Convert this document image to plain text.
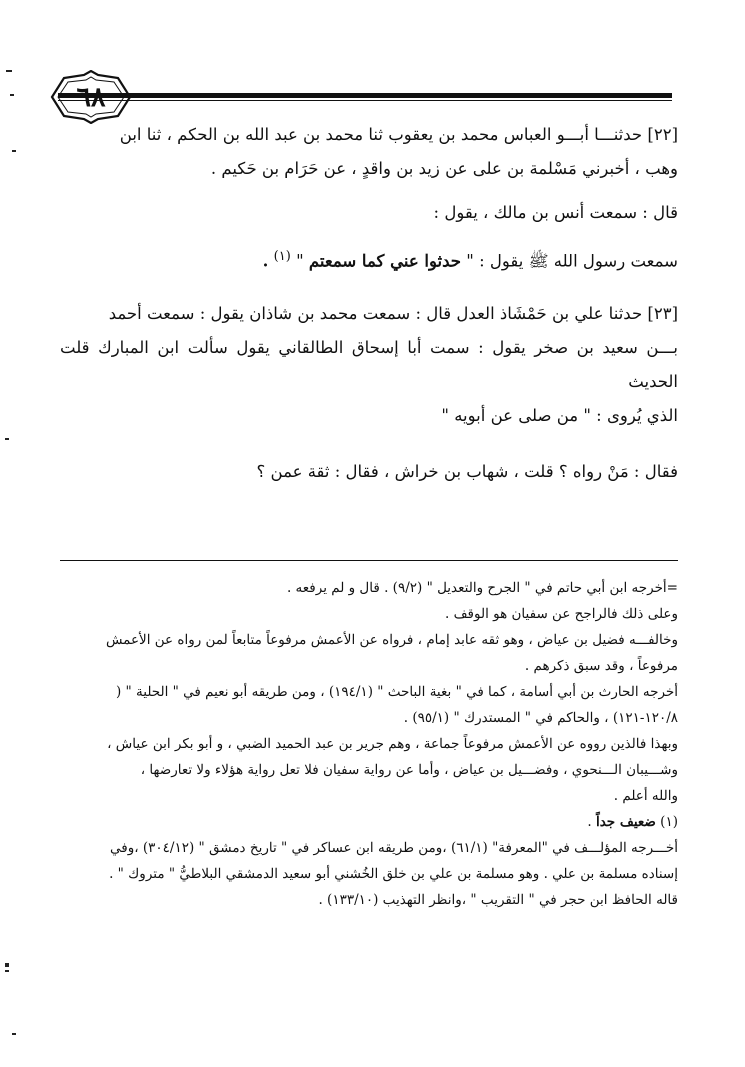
٦٨

[٢٢] حدثنـــا أبـــو العباس محمد بن يعقوب ثنا محمد بن عبد الله بن الحكم ، ثنا ابن

وهب ، أخبرني مَسْلمة بن على عن زيد بن واقدٍ ، عن حَرَام بن حَكيم .

قال : سمعت أنس بن مالك ، يقول :

سمعت رسول الله ﷺ يقول : " حدثوا عني كما سمعتم " $^{(١)}$ .

[٢٣] حدثنا علي بن حَمْشَاذ العدل قال : سمعت محمد بن شاذان يقول : سمعت أحمد

بـــن سعيد بن صخر يقول : سمت أبا إسحاق الطالقاني يقول سألت ابن المبارك قلت الحديث

الذي يُروى : " من صلى عن أبويه "

فقال : مَنْ رواه ؟ قلت ، شهاب بن خراش ، فقال : ثقة عمن ؟

=أخرجه ابن أبي حاتم في " الجرح والتعديل " (٩/٢) . قال و لم يرفعه .

وعلى ذلك فالراجح عن سفيان هو الوقف .

وخالفـــه فضيل بن عياض ، وهو ثقه عابد إمام ، فرواه عن الأعمش مرفوعاً متابعاً لمن رواه عن الأعمش

مرفوعاً ، وقد سبق ذكرهم .

أخرجه الحارث بن أبي أسامة ، كما في " بغية الباحث " (١٩٤/١) ، ومن طريقه أبو نعيم في " الحلية " (

١٢٠/٨-١٢١) ، والحاكم في " المستدرك " (٩٥/١) .

وبهذا فالذين رووه عن الأعمش مرفوعاً جماعة ، وهم جرير بن عبد الحميد الضبي ، و أبو بكر ابن عياش ،

وشـــيبان الـــنحوي ، وفضـــيل بن عياض ، وأما عن رواية سفيان فلا تعل رواية هؤلاء ولا تعارضها ،

والله أعلم .

(١) ضعيف جداً .

أخـــرجه المؤلـــف في "المعرفة" (٦١/١) ،ومن طريقه ابن عساكر في " تاريخ دمشق " (٣٠٤/١٢) ،وفي

إسناده مسلمة بن علي . وهو مسلمة بن علي بن خلق الخُشني أبو سعيد الدمشقي البلاطيُّ " متروك " .

قاله الحافظ ابن حجر في " التقريب " ،وانظر التهذيب (١٣٣/١٠) .
